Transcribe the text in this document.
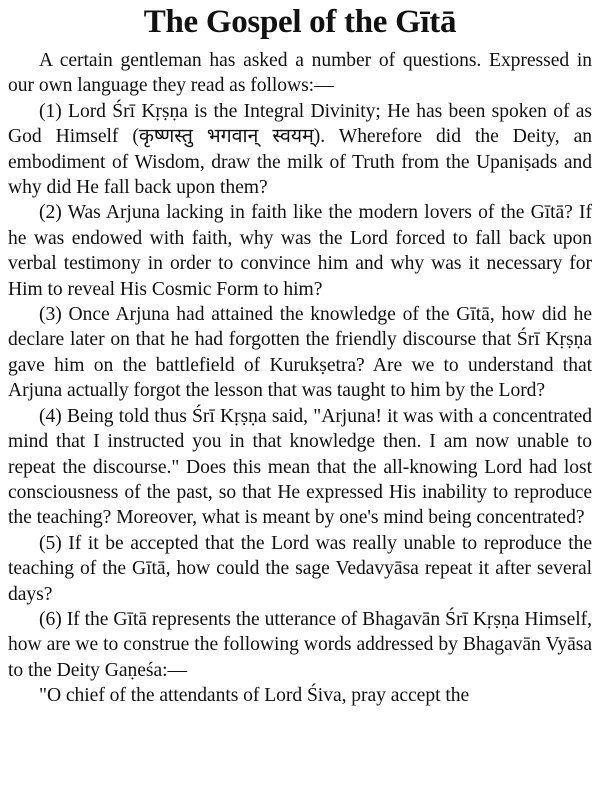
The Gospel of the Gītā

A certain gentleman has asked a number of questions. Expressed in our own language they read as follows:—

(1) Lord Śrī Kṛṣṇa is the Integral Divinity; He has been spoken of as God Himself (कृष्णस्तु भगवान् स्वयम्). Wherefore did the Deity, an embodiment of Wisdom, draw the milk of Truth from the Upaniṣads and why did He fall back upon them?

(2) Was Arjuna lacking in faith like the modern lovers of the Gītā? If he was endowed with faith, why was the Lord forced to fall back upon verbal testimony in order to convince him and why was it necessary for Him to reveal His Cosmic Form to him?

(3) Once Arjuna had attained the knowledge of the Gītā, how did he declare later on that he had forgotten the friendly discourse that Śrī Kṛṣṇa gave him on the battlefield of Kurukṣetra? Are we to understand that Arjuna actually forgot the lesson that was taught to him by the Lord?

(4) Being told thus Śrī Kṛṣṇa said, "Arjuna! it was with a concentrated mind that I instructed you in that knowledge then. I am now unable to repeat the discourse." Does this mean that the all-knowing Lord had lost consciousness of the past, so that He expressed His inability to reproduce the teaching? Moreover, what is meant by one's mind being concentrated?

(5) If it be accepted that the Lord was really unable to reproduce the teaching of the Gītā, how could the sage Vedavyāsa repeat it after several days?

(6) If the Gītā represents the utterance of Bhagavān Śrī Kṛṣṇa Himself, how are we to construe the following words addressed by Bhagavān Vyāsa to the Deity Gaṇeśa:—

"O chief of the attendants of Lord Śiva, pray accept the
